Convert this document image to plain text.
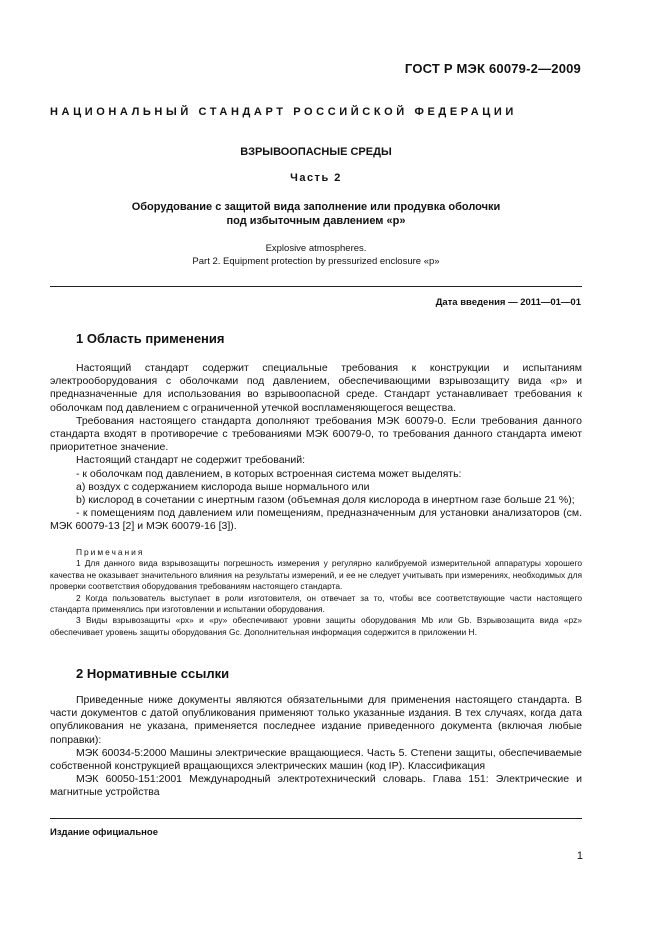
ГОСТ Р МЭК 60079-2—2009
НАЦИОНАЛЬНЫЙ СТАНДАРТ РОССИЙСКОЙ ФЕДЕРАЦИИ
ВЗРЫВООПАСНЫЕ СРЕДЫ
Часть 2
Оборудование с защитой вида заполнение или продувка оболочки
под избыточным давлением «р»
Explosive atmospheres.
Part 2. Equipment protection by pressurized enclosure «p»
Дата введения — 2011—01—01
1 Область применения

Настоящий стандарт содержит специальные требования к конструкции и испытаниям электрооборудования с оболочками под давлением, обеспечивающими взрывозащиту вида «р» и предназначенные для использования во взрывоопасной среде. Стандарт устанавливает требования к оболочкам под давлением с ограниченной утечкой воспламеняющегося вещества.

Требования настоящего стандарта дополняют требования МЭК 60079-0. Если требования данного стандарта входят в противоречие с требованиями МЭК 60079-0, то требования данного стандарта имеют приоритетное значение.

Настоящий стандарт не содержит требований:

- к оболочкам под давлением, в которых встроенная система может выделять:

a) воздух с содержанием кислорода выше нормального или

b) кислород в сочетании с инертным газом (объемная доля кислорода в инертном газе больше 21 %);

- к помещениям под давлением или помещениям, предназначенным для установки анализаторов (см. МЭК 60079-13 [2] и МЭК 60079-16 [3]).

Примечания

1 Для данного вида взрывозащиты погрешность измерения у регулярно калибруемой измерительной аппаратуры хорошего качества не оказывает значительного влияния на результаты измерений, и ее не следует учитывать при измерениях, необходимых для проверки соответствия оборудования требованиям настоящего стандарта.

2 Когда пользователь выступает в роли изготовителя, он отвечает за то, чтобы все соответствующие части настоящего стандарта применялись при изготовлении и испытании оборудования.

3 Виды взрывозащиты «рх» и «ру» обеспечивают уровни защиты оборудования Mb или Gb. Взрывозащита вида «pz» обеспечивает уровень защиты оборудования Gc. Дополнительная информация содержится в приложении H.

2 Нормативные ссылки

Приведенные ниже документы являются обязательными для применения настоящего стандарта. В части документов с датой опубликования применяют только указанные издания. В тех случаях, когда дата опубликования не указана, применяется последнее издание приведенного документа (включая любые поправки):

МЭК 60034-5:2000 Машины электрические вращающиеся. Часть 5. Степени защиты, обеспечиваемые собственной конструкцией вращающихся электрических машин (код IP). Классификация

МЭК 60050-151:2001 Международный электротехнический словарь. Глава 151: Электрические и магнитные устройства

Издание официальное
1
